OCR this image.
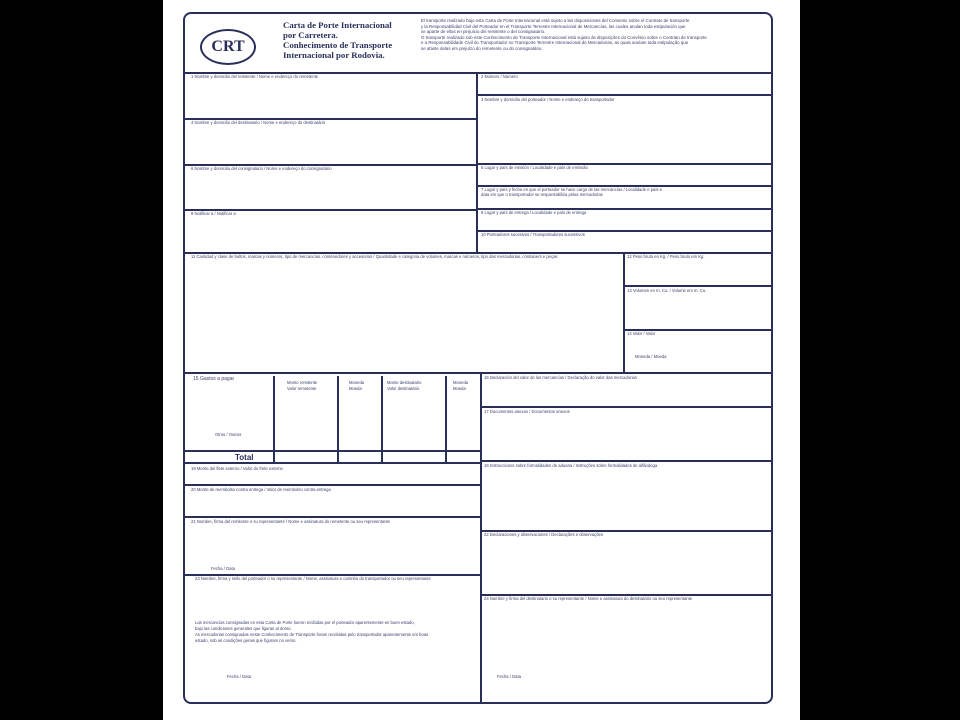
CRT
Carta de Porte Internacional
por Carretera.
Conhecimento de Transporte
Internacional por Rodovia.
El transporte realizado bajo esta Carta de Porte Internacional está sujeto a las disposiciones del Convenio sobre el Contrato de transporte
y la Responsabilidad Civil del Porteador en el Transporte Terrestre Internacional de Mercancías, las cuales anulan toda estipulación que
se aparte de ellas en perjuicio del remitente o del consignatario.
O transporte realizado sob este Conhecimento de Transporte Internacional está sujeito às disposições do Convênio sobre o Contrato de transporte
e a Responsabilidade Civil do Transportador no Transporte Terrestre Internacional de Mercadorias, as quais anulam toda estipulação que
se afaste delas em prejuízo do remetente ou do consignatário.
1 Nombre y domicilio del remitente / Nome e endereço do remetente	2 Número / Número
3 Nombre y domicilio del porteador / Nome e endereço do transportador
4 Nombre y domicilio del destinatario / Nome e endereço do destinatário
5 Lugar y país de emisión / Localidade e país de emissão
6 Nombre y domicilio del consignatario / Nome e endereço do consignatário
7 Lugar y país y fecha en que el porteador se hace cargo de las mercancías / Localidade e país e data em que o transportador se responsabiliza pelas mercadorias
8 Lugar y país de entrega / Localidade e país de entrega
9 Notificar a / Notificar a
10 Porteadores sucesivos / Transportadores sucessivos
11 Cantidad y clase de bultos, marcas y números, tipo de mercancías, contenedores y accesorios / Quantidade e categoria de volumes, marcas e números, tipo das mercadorias, containers e peças	12 Peso bruto en Kg. / Peso bruto em Kg.
13 Volumen en m. Cu. / Volume em m. Cu.
14 Valor / Valor
Moneda / Moeda
15 Gastos a pagar
Monto remitente
Valor remetente
Moneda
Moeda
Monto destinatario
Valor destinatário
Moneda
Moeda
Otros / Outros
Total
16 Declaración del valor de las mercancías / Declaração do valor das mercadorias
17 Documentos anexos / Documentos anexos
18 Instrucciones sobre formalidades de aduana / Instruções sobre formalidades de alfândega
19 Monto del flete externo / Valor do frete externo
20 Monto de reembolso contra entrega / Valor de reembolso contra entrega
21 Nombre, firma del remitente o su representante / Nome e assinatura do remetente ou seu representante
Fecha / Data
22 Declaraciones y observaciones / Declarações e observações
23 Nombre, firma y sello del porteador o su representante / Nome, assinatura e carimbo do transportador ou seu representante
Las mercancías consignadas en esta Carta de Porte fueron recibidas por el porteador aparentemente en buen estado,
bajo las condiciones generales que figuran al dorso.
As mercadorias consignadas neste Conhecimento de Transporte foram recebidas pelo transportador aparentemente em boas
estado, sob as condições gerais que figuram no verso.
Fecha / Data
24 Nombre y firma del destinatario o su representante / Nome e assinatura do destinatário ou seu representante
Fecha / Data
